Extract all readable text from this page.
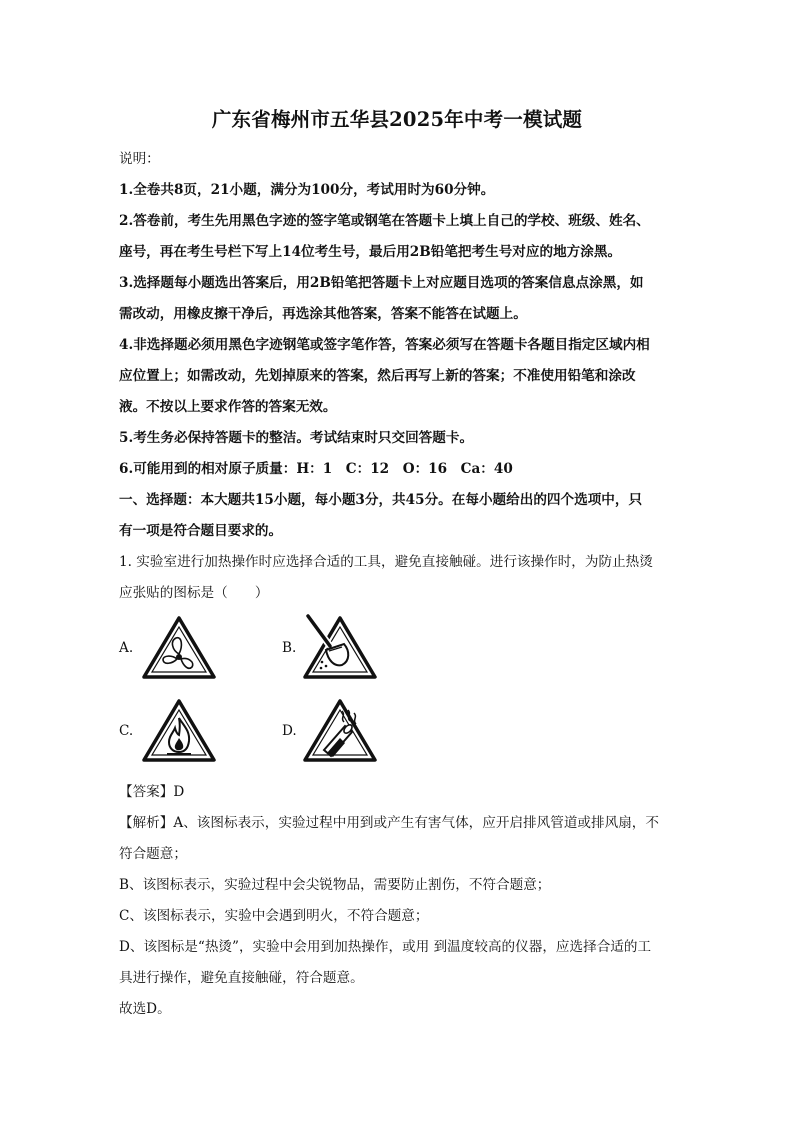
广东省梅州市五华县2025年中考一模试题
说明：
1.全卷共8页，21小题，满分为100分，考试用时为60分钟。
2.答卷前，考生先用黑色字迹的签字笔或钢笔在答题卡上填上自己的学校、班级、姓名、
座号，再在考生号栏下写上14位考生号，最后用2B铅笔把考生号对应的地方涂黑。
3.选择题每小题选出答案后，用2B铅笔把答题卡上对应题目选项的答案信息点涂黑，如
需改动，用橡皮擦干净后，再选涂其他答案，答案不能答在试题上。
4.非选择题必须用黑色字迹钢笔或签字笔作答，答案必须写在答题卡各题目指定区域内相
应位置上；如需改动，先划掉原来的答案，然后再写上新的答案；不准使用铅笔和涂改
液。不按以上要求作答的答案无效。
5.考生务必保持答题卡的整洁。考试结束时只交回答题卡。
6.可能用到的相对原子质量：H：1　C：12　O：16　Ca：40
一、选择题：本大题共15小题，每小题3分，共45分。在每小题给出的四个选项中，只
有一项是符合题目要求的。
1. 实验室进行加热操作时应选择合适的工具，避免直接触碰。进行该操作时，为防止热烫
应张贴的图标是（　　）
A.	B.
C.	D.
【答案】D
【解析】A、该图标表示，实验过程中用到或产生有害气体，应开启排风管道或排风扇，不
符合题意；
B、该图标表示，实验过程中会尖锐物品，需要防止割伤，不符合题意；
C、该图标表示，实验中会遇到明火，不符合题意；
D、该图标是“热烫”，实验中会用到加热操作，或用 到温度较高的仪器，应选择合适的工
具进行操作，避免直接触碰，符合题意。
故选D。
